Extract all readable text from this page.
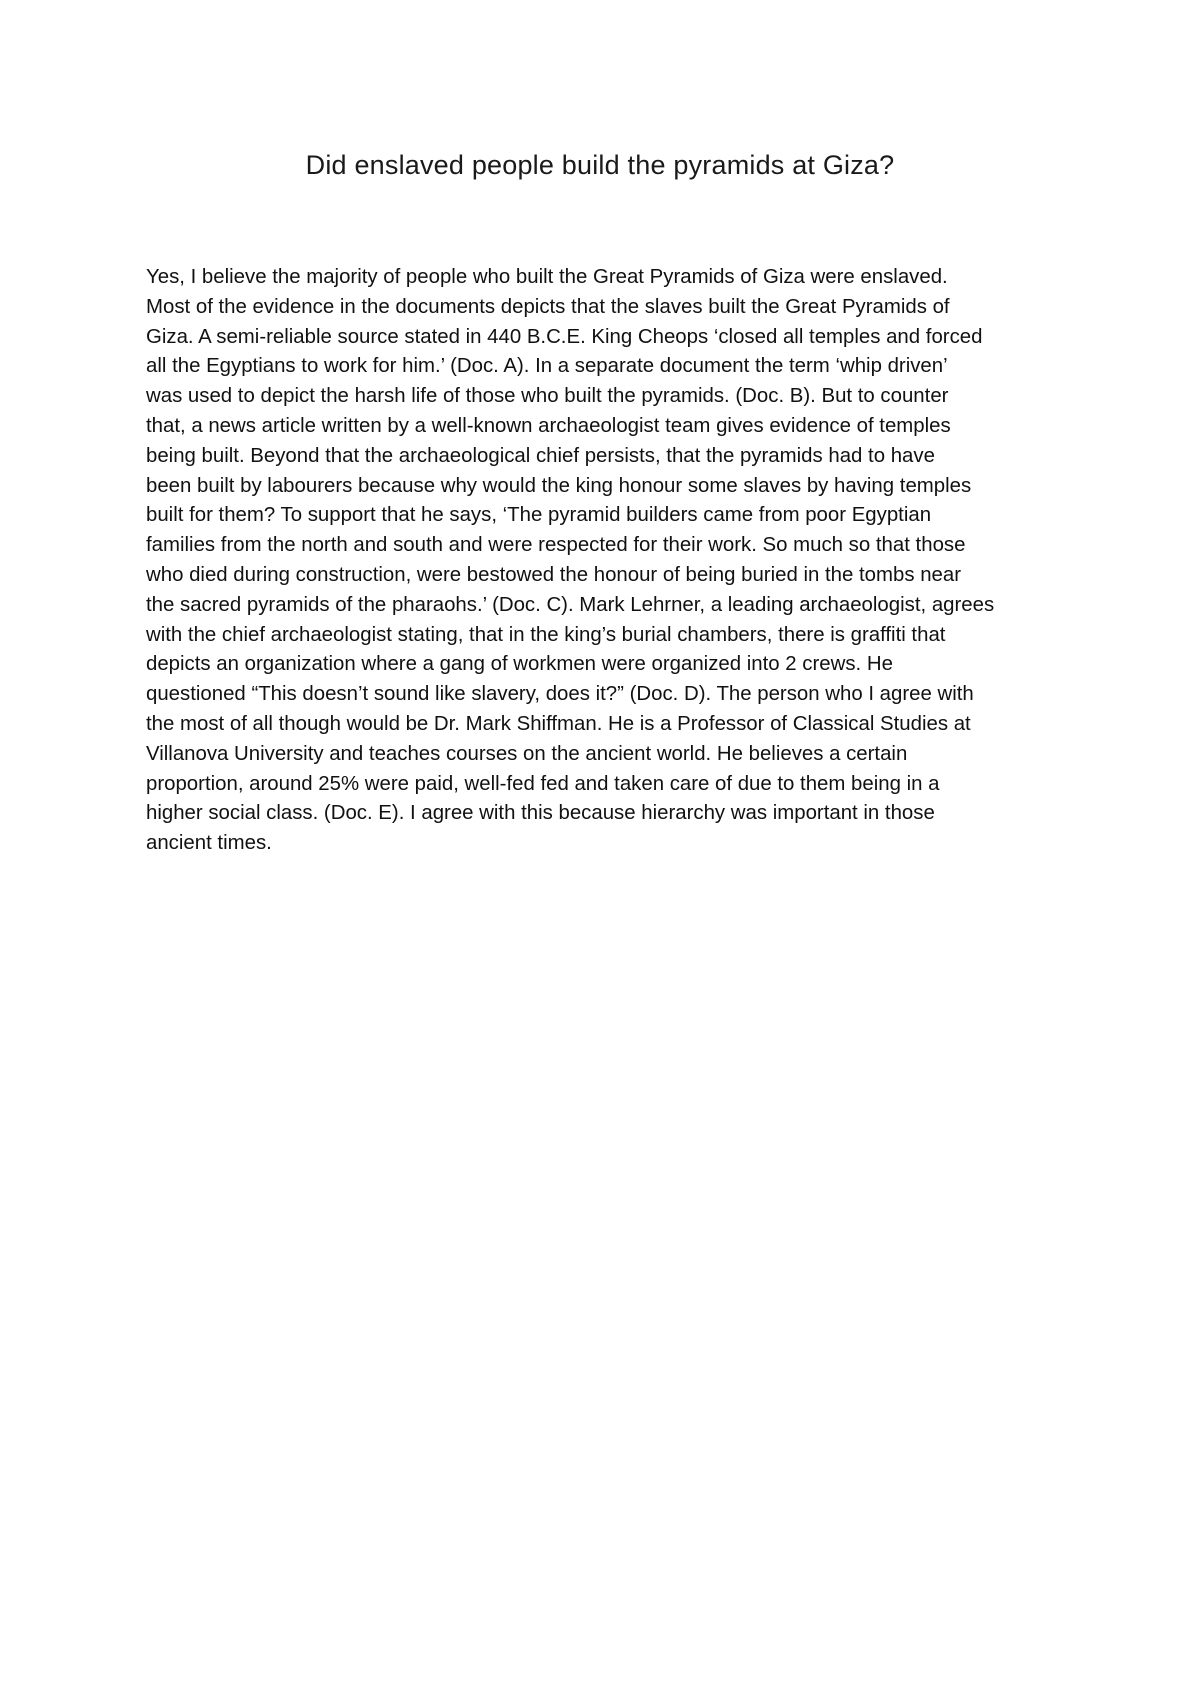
Did enslaved people build the pyramids at Giza?

Yes, I believe the majority of people who built the Great Pyramids of Giza were enslaved.
Most of the evidence in the documents depicts that the slaves built the Great Pyramids of
Giza. A semi-reliable source stated in 440 B.C.E. King Cheops ‘closed all temples and forced
all the Egyptians to work for him.’ (Doc. A). In a separate document the term ‘whip driven’
was used to depict the harsh life of those who built the pyramids. (Doc. B). But to counter
that, a news article written by a well-known archaeologist team gives evidence of temples
being built. Beyond that the archaeological chief persists, that the pyramids had to have
been built by labourers because why would the king honour some slaves by having temples
built for them? To support that he says, ‘The pyramid builders came from poor Egyptian
families from the north and south and were respected for their work. So much so that those
who died during construction, were bestowed the honour of being buried in the tombs near
the sacred pyramids of the pharaohs.’ (Doc. C). Mark Lehrner, a leading archaeologist, agrees
with the chief archaeologist stating, that in the king’s burial chambers, there is graffiti that
depicts an organization where a gang of workmen were organized into 2 crews. He
questioned “This doesn’t sound like slavery, does it?” (Doc. D). The person who I agree with
the most of all though would be Dr. Mark Shiffman. He is a Professor of Classical Studies at
Villanova University and teaches courses on the ancient world. He believes a certain
proportion, around 25% were paid, well-fed fed and taken care of due to them being in a
higher social class. (Doc. E). I agree with this because hierarchy was important in those
ancient times.
